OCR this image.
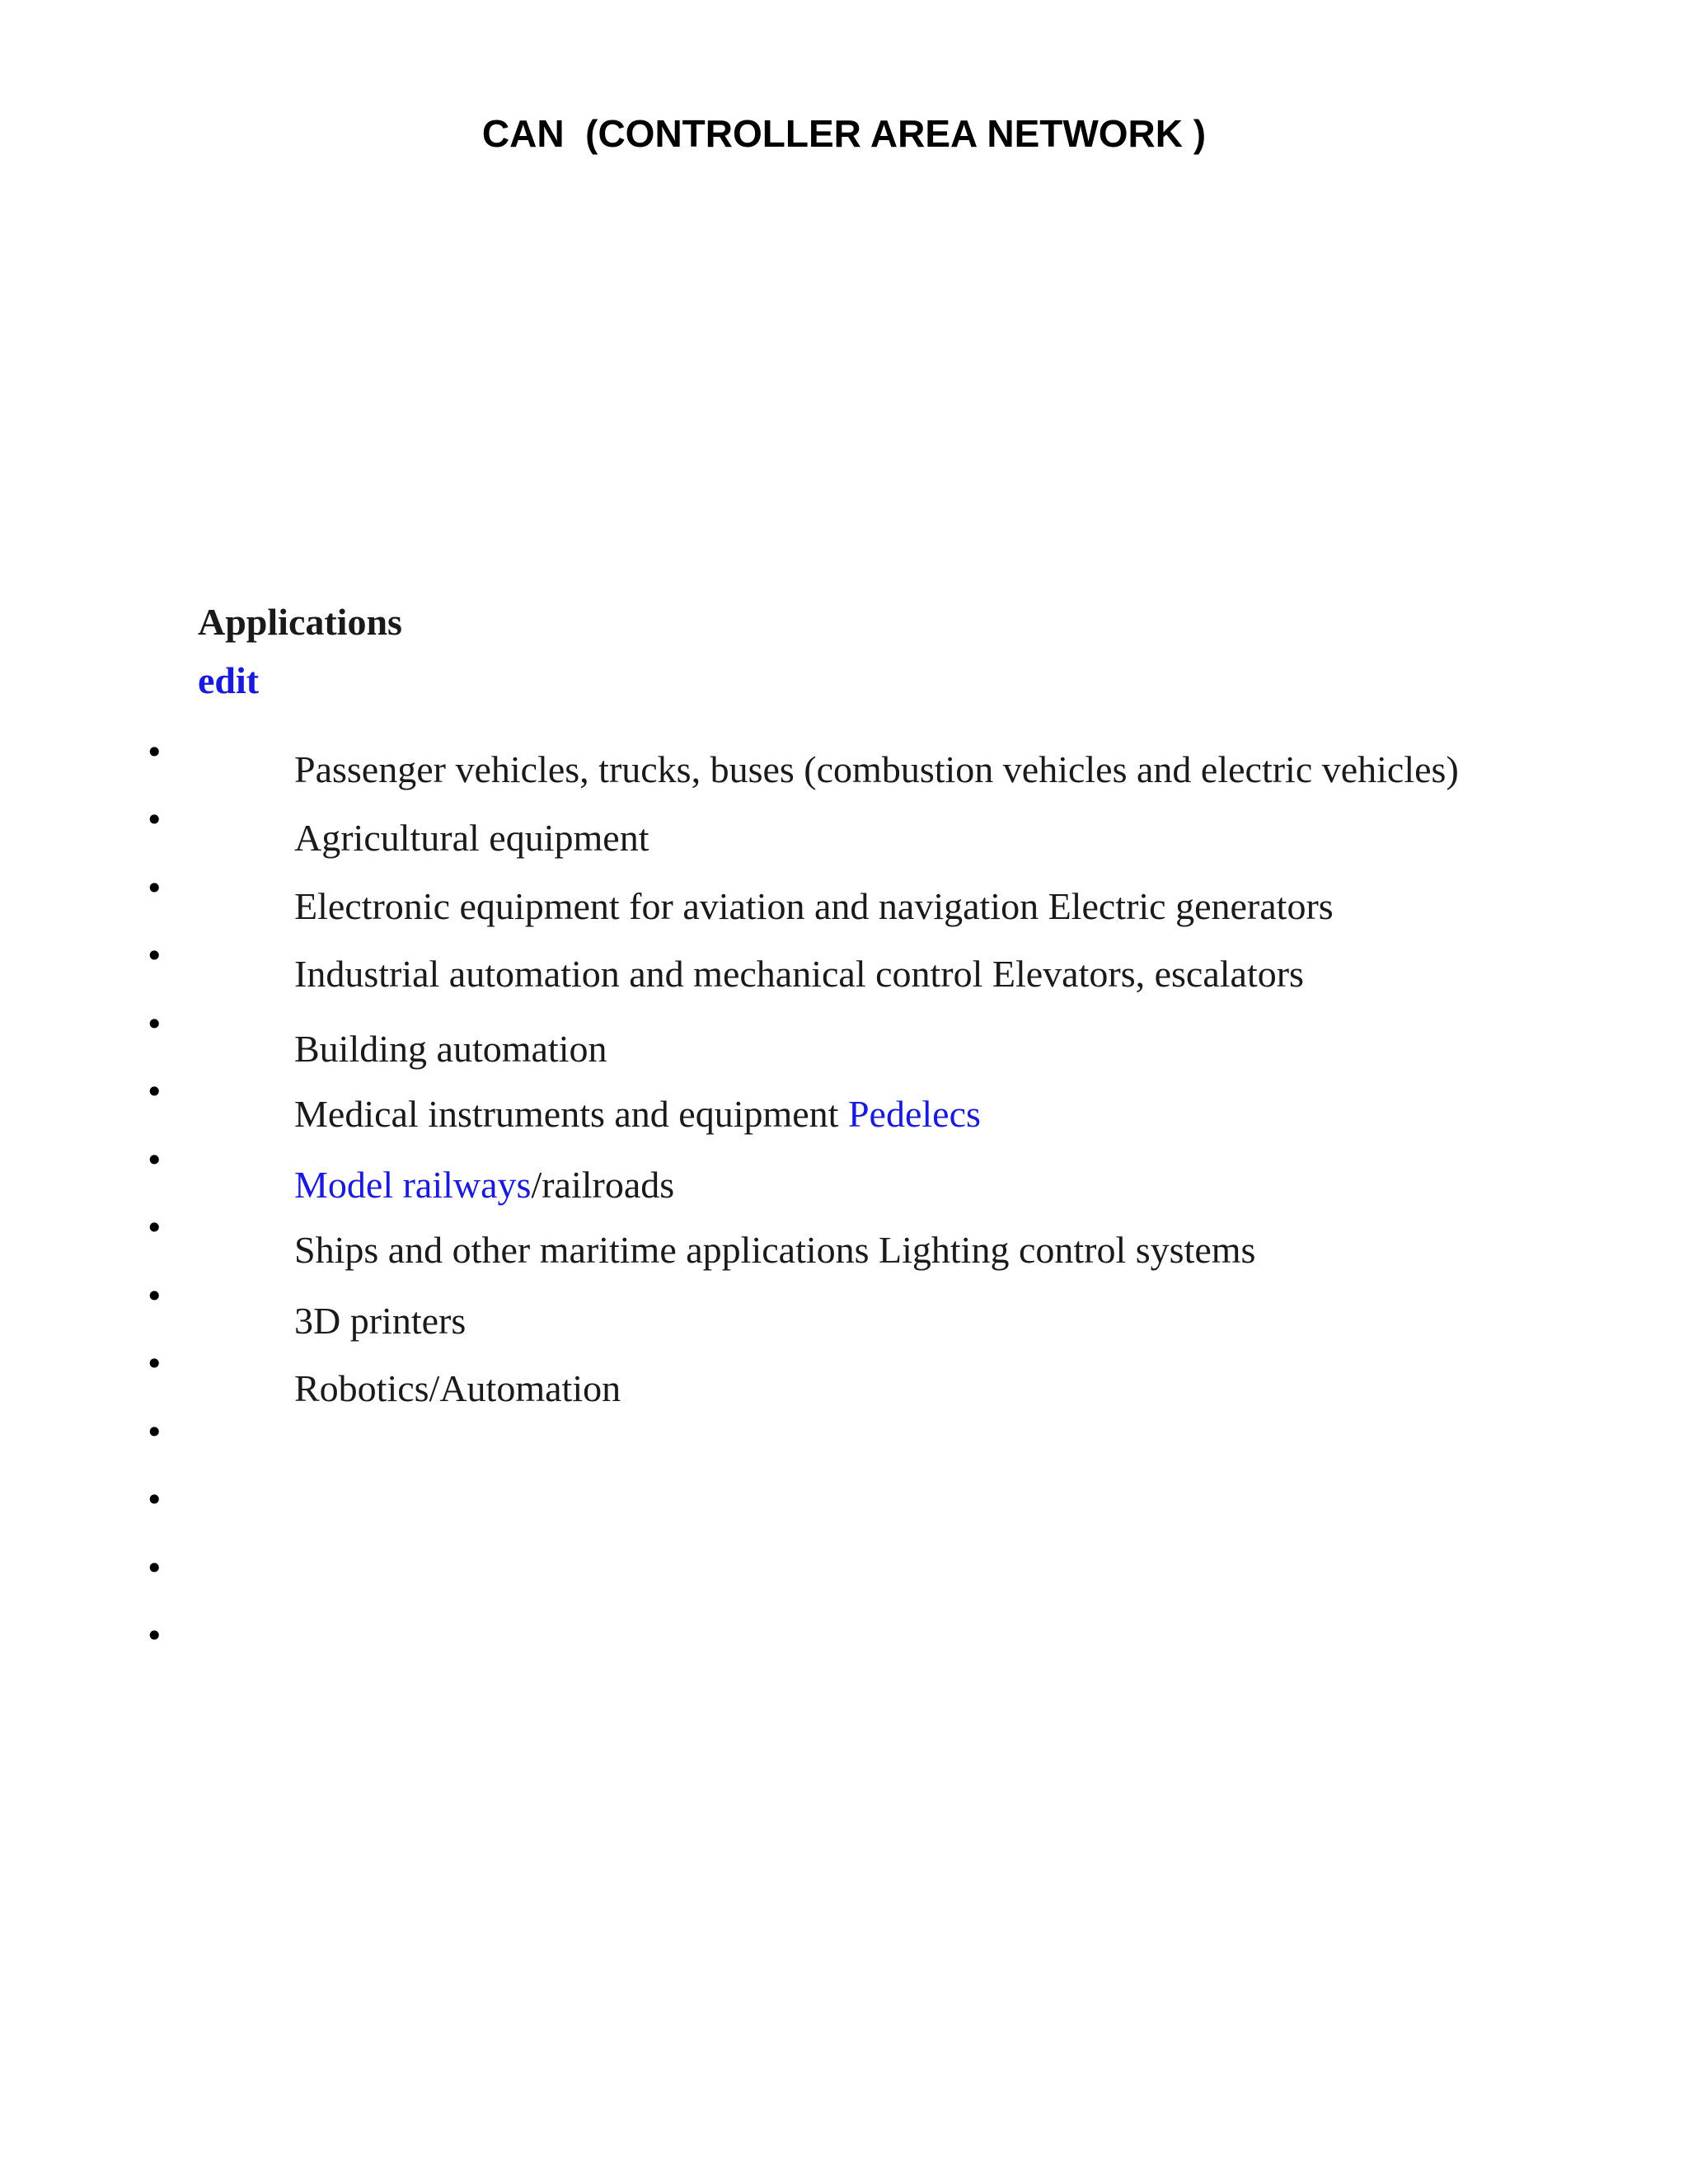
CAN  (CONTROLLER AREA NETWORK )
Applications
edit
•
•
•
•
•
•
•
•
•
•
•
•
•
•
Passenger vehicles, trucks, buses (combustion vehicles and electric vehicles)
Agricultural equipment
Electronic equipment for aviation and navigation Electric generators
Industrial automation and mechanical control Elevators, escalators
Building automation
Medical instruments and equipment Pedelecs
Model railways/railroads
Ships and other maritime applications Lighting control systems
3D printers
Robotics/Automation
